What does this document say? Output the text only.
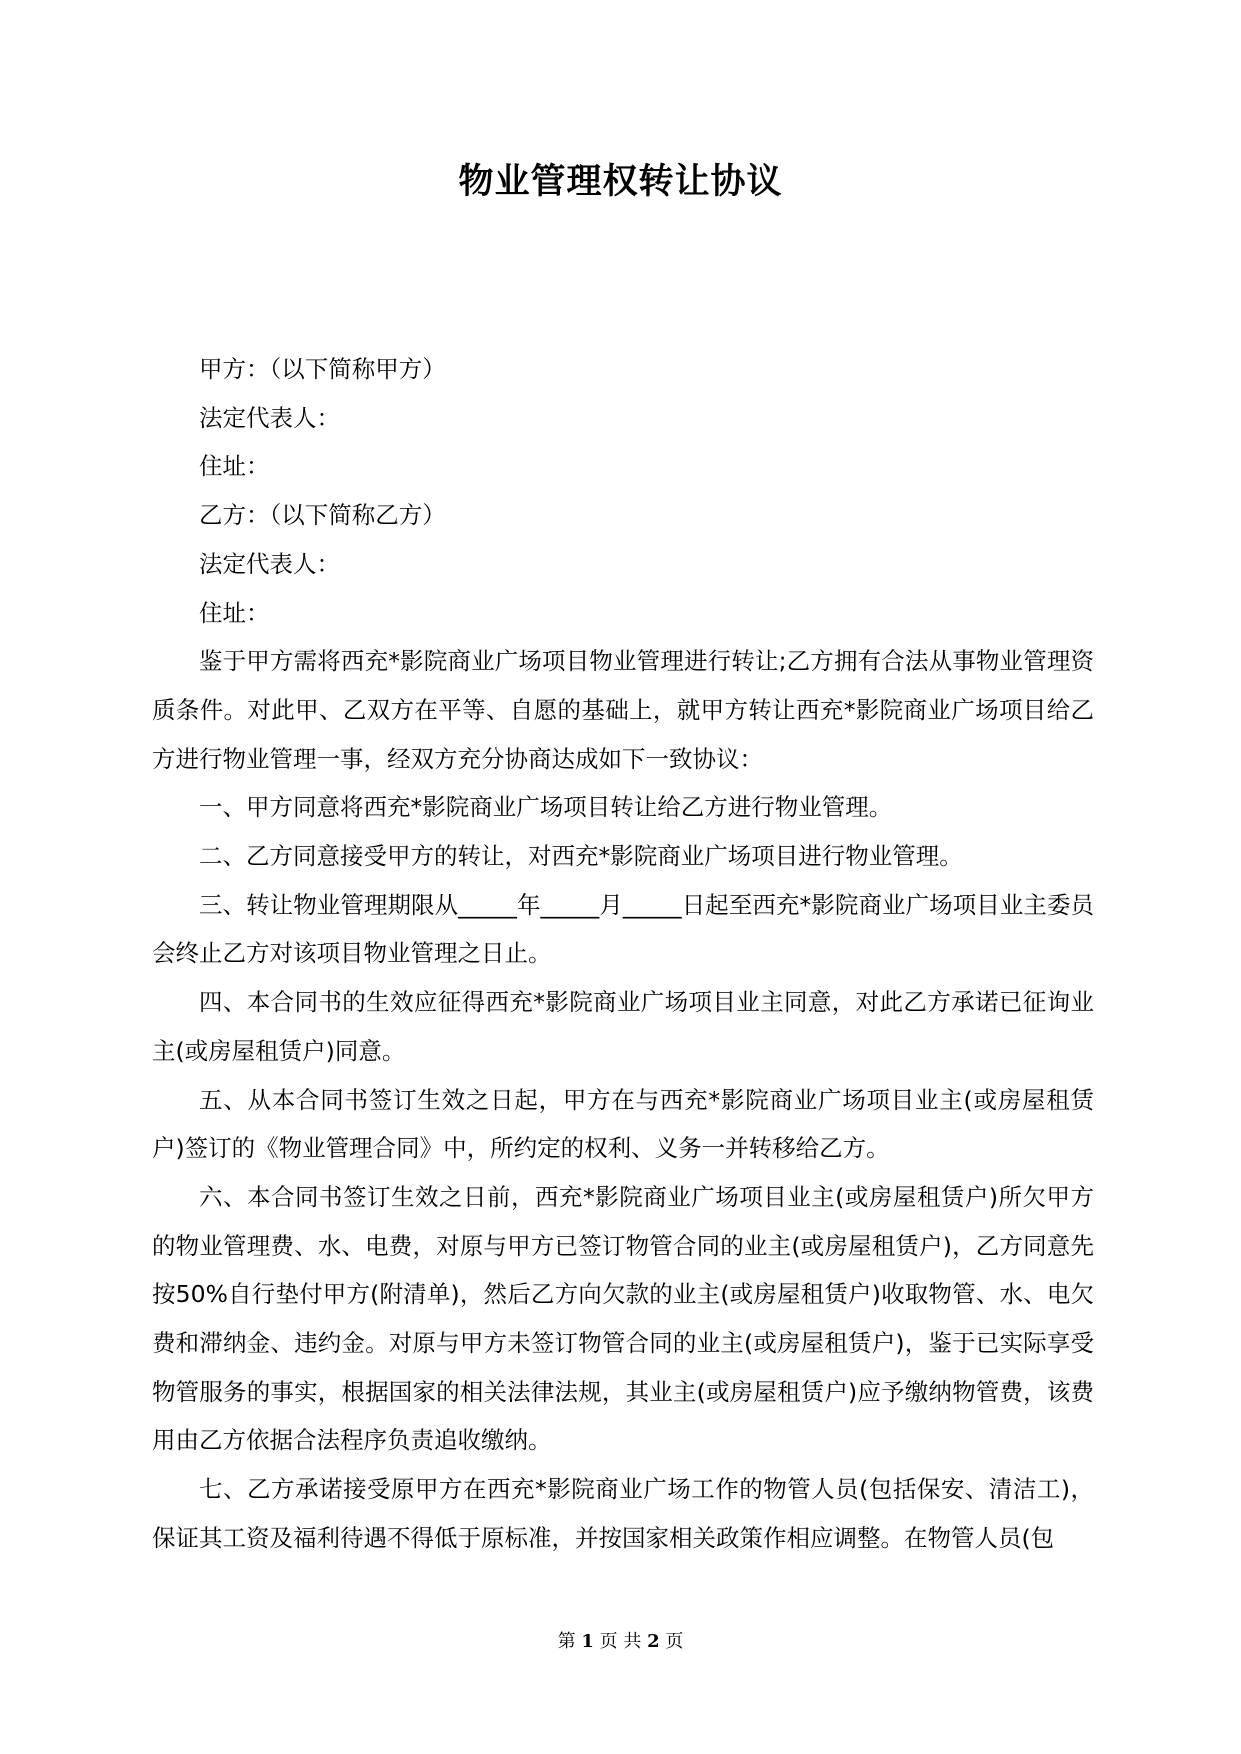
物业管理权转让协议

甲方：（以下简称甲方）

法定代表人：

住址：

乙方：（以下简称乙方）

法定代表人：

住址：

鉴于甲方需将西充*影院商业广场项目物业管理进行转让;乙方拥有合法从事物业管理资质条件。对此甲、乙双方在平等、自愿的基础上，就甲方转让西充*影院商业广场项目给乙方进行物业管理一事，经双方充分协商达成如下一致协议：

一、甲方同意将西充*影院商业广场项目转让给乙方进行物业管理。

二、乙方同意接受甲方的转让，对西充*影院商业广场项目进行物业管理。

三、转让物业管理期限从_____年_____月_____日起至西充*影院商业广场项目业主委员会终止乙方对该项目物业管理之日止。

四、本合同书的生效应征得西充*影院商业广场项目业主同意，对此乙方承诺已征询业主(或房屋租赁户)同意。

五、从本合同书签订生效之日起，甲方在与西充*影院商业广场项目业主(或房屋租赁户)签订的《物业管理合同》中，所约定的权利、义务一并转移给乙方。

六、本合同书签订生效之日前，西充*影院商业广场项目业主(或房屋租赁户)所欠甲方的物业管理费、水、电费，对原与甲方已签订物管合同的业主(或房屋租赁户)，乙方同意先按50%自行垫付甲方(附清单)，然后乙方向欠款的业主(或房屋租赁户)收取物管、水、电欠费和滞纳金、违约金。对原与甲方未签订物管合同的业主(或房屋租赁户)，鉴于已实际享受物管服务的事实，根据国家的相关法律法规，其业主(或房屋租赁户)应予缴纳物管费，该费用由乙方依据合法程序负责追收缴纳。

七、乙方承诺接受原甲方在西充*影院商业广场工作的物管人员(包括保安、清洁工)，保证其工资及福利待遇不得低于原标准，并按国家相关政策作相应调整。在物管人员(包

第 1 页 共 2 页
